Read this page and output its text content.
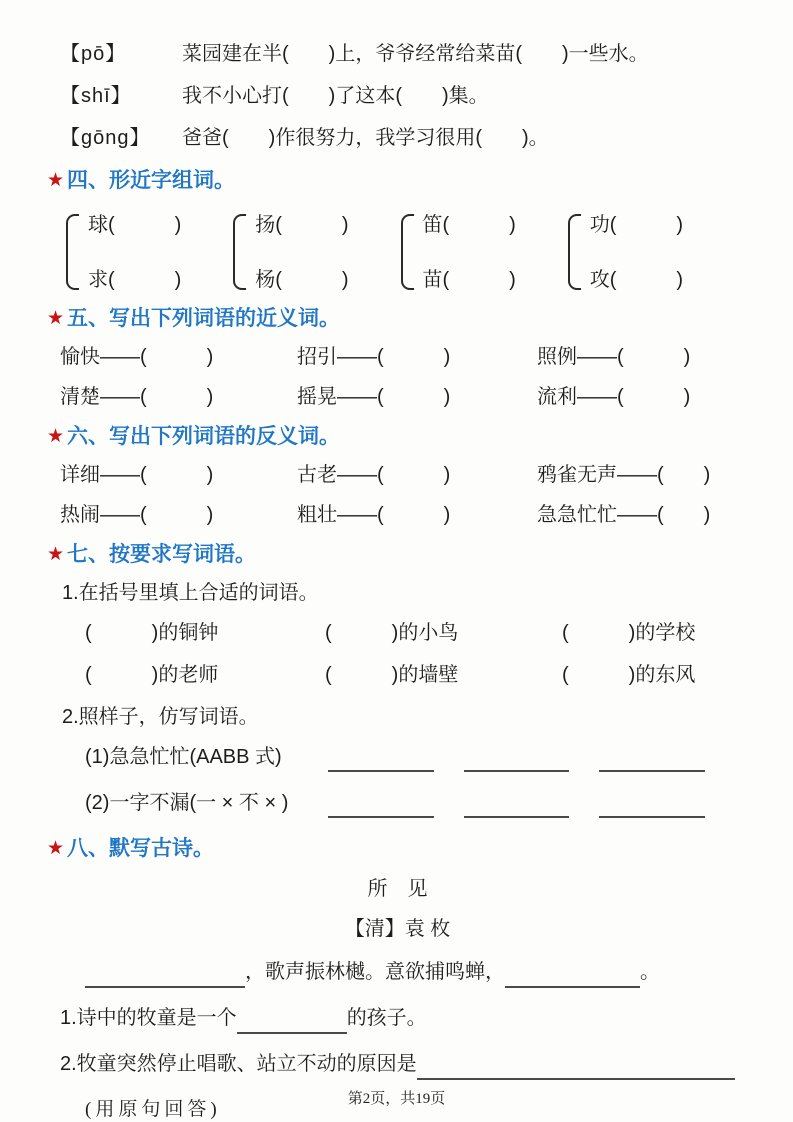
【pō】	菜园建在半(　　)上，爷爷经常给菜苗(　　)一些水。
【shī】	我不小心打(　　)了这本(　　)集。
【gōng】	爸爸(　　)作很努力，我学习很用(　　)。
★ 四、形近字组词。
球(　　　)
求(　　　)
扬(　　　)
杨(　　　)
笛(　　　)
苗(　　　)
功(　　　)
攻(　　　)
★ 五、写出下列词语的近义词。
愉快——(　　　)	招引——(　　　)	照例——(　　　)
清楚——(　　　)	摇晃——(　　　)	流利——(　　　)
★ 六、写出下列词语的反义词。
详细——(　　　)	古老——(　　　)	鸦雀无声——(　　)
热闹——(　　　)	粗壮——(　　　)	急急忙忙——(　　)
★ 七、按要求写词语。
1.在括号里填上合适的词语。
(　　　)的铜钟	(　　　)的小鸟	(　　　)的学校
(　　　)的老师	(　　　)的墙壁	(　　　)的东风
2.照样子，仿写词语。
(1)急急忙忙(AABB 式)
(2)一字不漏(一 × 不 × )
★ 八、默写古诗。
所　见
【清】袁 枚
，歌声振林樾。意欲捕鸣蝉，	。
1.诗中的牧童是一个	的孩子。
2.牧童突然停止唱歌、站立不动的原因是
(用原句回答)	第2页，共19页
